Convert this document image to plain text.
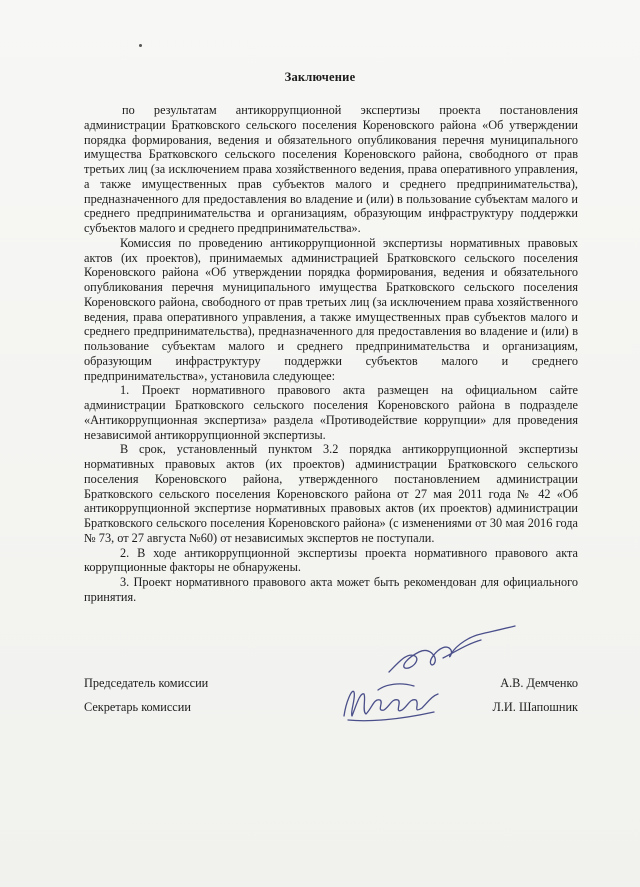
Заключение

по результатам антикоррупционной экспертизы проекта постановления администрации Братковского сельского поселения Кореновского района «Об утверждении порядка формирования, ведения и обязательного опубликования перечня муниципального имущества Братковского сельского поселения Кореновского района, свободного от прав третьих лиц (за исключением права хозяйственного ведения, права оперативного управления, а также имущественных прав субъектов малого и среднего предпринимательства), предназначенного для предоставления во владение и (или) в пользование субъектам малого и среднего предпринимательства и организациям, образующим инфраструктуру поддержки субъектов малого и среднего предпринимательства».

Комиссия по проведению антикоррупционной экспертизы нормативных правовых актов (их проектов), принимаемых администрацией Братковского сельского поселения Кореновского района «Об утверждении порядка формирования, ведения и обязательного опубликования перечня муниципального имущества Братковского сельского поселения Кореновского района, свободного от прав третьих лиц (за исключением права хозяйственного ведения, права оперативного управления, а также имущественных прав субъектов малого и среднего предпринимательства), предназначенного для предоставления во владение и (или) в пользование субъектам малого и среднего предпринимательства и организациям, образующим инфраструктуру поддержки субъектов малого и среднего предпринимательства», установила следующее:

1. Проект нормативного правового акта размещен на официальном сайте администрации Братковского сельского поселения Кореновского района в подразделе «Антикоррупционная экспертиза» раздела «Противодействие коррупции» для проведения независимой антикоррупционной экспертизы.

В срок, установленный пунктом 3.2 порядка антикоррупционной экспертизы нормативных правовых актов (их проектов) администрации Братковского сельского поселения Кореновского района, утвержденного постановлением администрации Братковского сельского поселения Кореновского района от 27 мая 2011 года № 42 «Об антикоррупционной экспертизе нормативных правовых актов (их проектов) администрации Братковского сельского поселения Кореновского района» (с изменениями от 30 мая 2016 года № 73, от 27 августа №60) от независимых экспертов не поступали.

2. В ходе антикоррупционной экспертизы проекта нормативного правового акта коррупционные факторы не обнаружены.

3. Проект нормативного правового акта может быть рекомендован для официального принятия.

Председатель комиссии	А.В. Демченко
Секретарь комиссии	Л.И. Шапошник
